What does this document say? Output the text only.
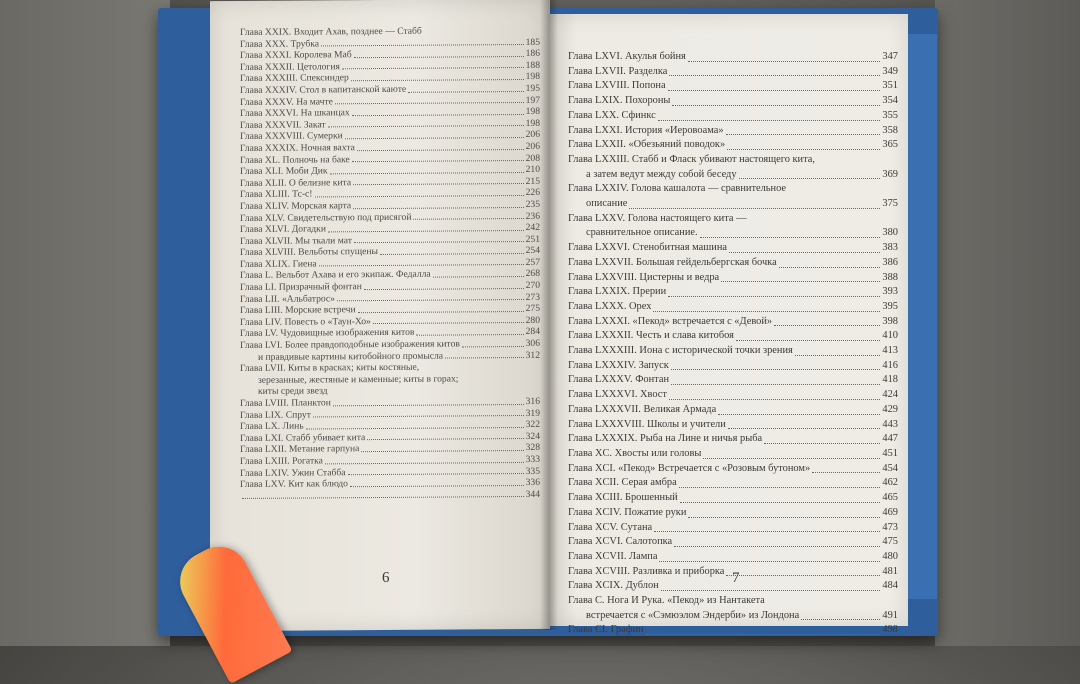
Глава XXIX. Входит Ахав, позднее — Стабб
Глава XXX. Трубка	185
Глава XXXI. Королева Маб	186
Глава XXXII. Цетология	188
Глава XXXIII. Спексиндер	198
Глава XXXIV. Стол в капитанской каюте	195
Глава XXXV. На мачте	197
Глава XXXVI. На шканцах	198
Глава XXXVII. Закат	198
Глава XXXVIII. Сумерки	206
Глава XXXIX. Ночная вахта	206
Глава XL. Полночь на баке	208
Глава XLI. Моби Дик	210
Глава XLII. О белизне кита	215
Глава XLIII. Тс-с!	226
Глава XLIV. Морская карта	235
Глава XLV. Свидетельствую под присягой	236
Глава XLVI. Догадки	242
Глава XLVII. Мы ткали мат	251
Глава XLVIII. Вельботы спущены	254
Глава XLIX. Гиена	257
Глава L. Вельбот Ахава и его экипаж. Федалла	268
Глава LI. Призрачный фонтан	270
Глава LII. «Альбатрос»	273
Глава LIII. Морские встречи	275
Глава LIV. Повесть о «Таун-Хо»	280
Глава LV. Чудовищные изображения китов	284
Глава LVI. Более правдоподобные изображения китов	306
и правдивые картины китобойного промысла	312
Глава LVII. Киты в красках; киты костяные,
зерезанные, жестяные и каменные; киты в горах;
киты среди звезд
Глава LVIII. Планктон	316
Глава LIX. Спрут	319
Глава LX. Линь	322
Глава LXI. Стабб убивает кита	324
Глава LXII. Метание гарпуна	328
Глава LXIII. Рогатка	333
Глава LXIV. Ужин Стабба	335
Глава LXV. Кит как блюдо	336
344
6
Глава LXVI. Акулья бойня	347
Глава LXVII. Разделка	349
Глава LXVIII. Попона	351
Глава LXIX. Похороны	354
Глава LXX. Сфинкс	355
Глава LXXI. История «Иеровоама»	358
Глава LXXII. «Обезьяний поводок»	365
Глава LXXIII. Стабб и Фласк убивают настоящего кита,
а затем ведут между собой беседу	369
Глава LXXIV. Голова кашалота — сравнительное
описание	375
Глава LXXV. Голова настоящего кита —
сравнительное описание.	380
Глава LXXVI. Стенобитная машина	383
Глава LXXVII. Большая гейдельбергская бочка	386
Глава LXXVIII. Цистерны и ведра	388
Глава LXXIX. Прерии	393
Глава LXXX. Орех	395
Глава LXXXI. «Пекод» встречается с «Девой»	398
Глава LXXXII. Честь и слава китобоя	410
Глава LXXXIII. Иона с исторической точки зрения	413
Глава LXXXIV. Запуск	416
Глава LXXXV. Фонтан	418
Глава LXXXVI. Хвост	424
Глава LXXXVII. Великая Армада	429
Глава LXXXVIII. Школы и учители	443
Глава LXXXIX. Рыба на Лине и ничья рыба	447
Глава XC. Хвосты или головы	451
Глава XCI. «Пекод» Встречается с «Розовым бутоном»	454
Глава XCII. Серая амбра	462
Глава XCIII. Брошенный	465
Глава XCIV. Пожатие руки	469
Глава XCV. Сутана	473
Глава XCVI. Салотопка	475
Глава XCVII. Лампа	480
Глава XCVIII. Разливка и приборка	481
Глава XCIX. Дублон	484
Глава С. Нога И Рука. «Пекод» из Нантакета
встречается с «Сэмюэлом Эндерби» из Лондона	491
Глава CI. Графин	498
7
